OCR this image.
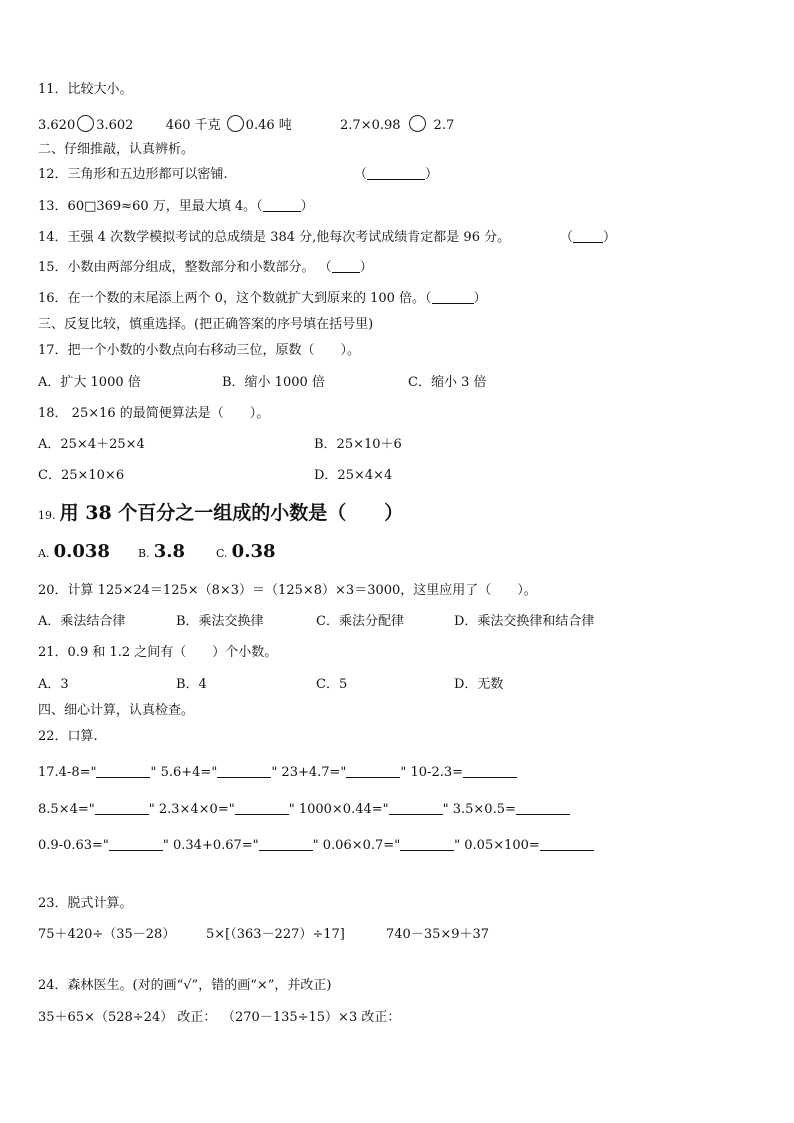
11．比较大小。
3.620 3.602 460 千克 0.46 吨	2.7×0.98	2.7
二、仔细推敲，认真辨析。
12．三角形和五边形都可以密铺.	（	）
13．60□369≈60 万，里最大填 4。（	）
14．王强 4 次数学模拟考试的总成绩是 384 分,他每次考试成绩肯定都是 96 分。	（ ）
15．小数由两部分组成，整数部分和小数部分。 （ ）
16．在一个数的末尾添上两个 0，这个数就扩大到原来的 100 倍。（	）
三、反复比较，慎重选择。(把正确答案的序号填在括号里)
17．把一个小数的小数点向右移动三位，原数（　　）。
A．扩大 1000 倍	B．缩小 1000 倍	C．缩小 3 倍
18． 25×16 的最简便算法是（　　）。
A．25×4＋25×4	B．25×10＋6
C．25×10×6	D．25×4×4
19. 用 38 个百分之一组成的小数是（　　）
A. 0.038	B. 3.8	C. 0.38
20．计算 125×24＝125×（8×3）＝（125×8）×3＝3000，这里应用了（　　）。
A．乘法结合律	B．乘法交换律	C．乘法分配律	D．乘法交换律和结合律
21．0.9 和 1.2 之间有（　　）个小数。
A．3	B．4	C．5	D．无数
四、细心计算，认真检查。
22．口算.
17.4-8="	" 5.6+4="	" 23+4.7="	" 10-2.3=
8.5×4="	" 2.3×4×0="	" 1000×0.44="	" 3.5×0.5=
0.9-0.63="	" 0.34+0.67="	" 0.06×0.7="	" 0.05×100=
23．脱式计算。
75＋420÷（35－28） 5×[（363－227）÷17]	740－35×9＋37
24．森林医生。(对的画“√”，错的画“×”，并改正)
35＋65×（528÷24） 改正： （270－135÷15）×3 改正：
